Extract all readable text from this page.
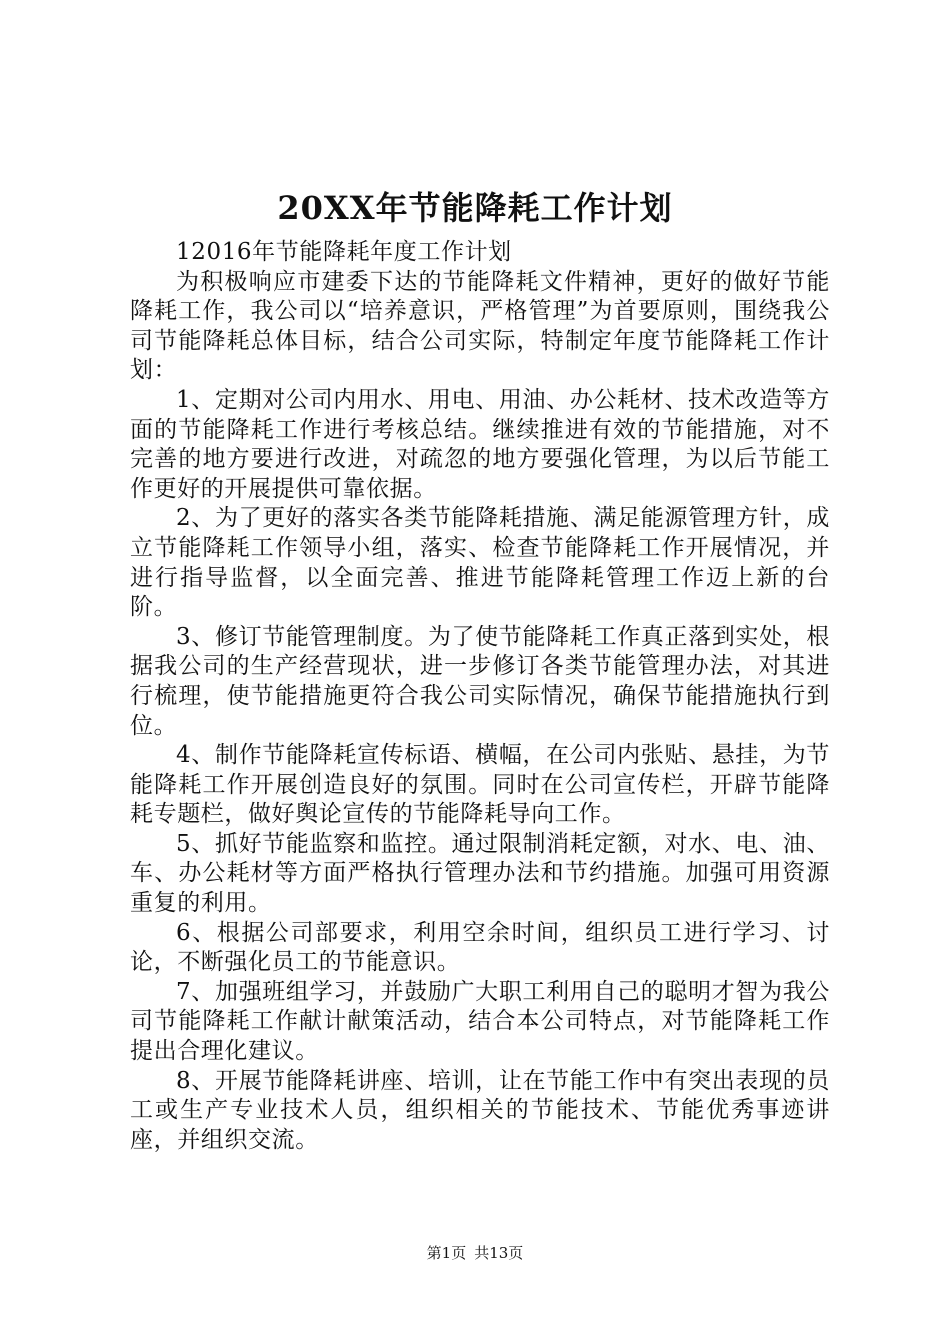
20XX年节能降耗工作计划

12016年节能降耗年度工作计划

为积极响应市建委下达的节能降耗文件精神，更好的做好节能降耗工作，我公司以“培养意识，严格管理”为首要原则，围绕我公司节能降耗总体目标，结合公司实际，特制定年度节能降耗工作计划：

1、定期对公司内用水、用电、用油、办公耗材、技术改造等方面的节能降耗工作进行考核总结。继续推进有效的节能措施，对不完善的地方要进行改进，对疏忽的地方要强化管理，为以后节能工作更好的开展提供可靠依据。

2、为了更好的落实各类节能降耗措施、满足能源管理方针，成立节能降耗工作领导小组，落实、检查节能降耗工作开展情况，并进行指导监督，以全面完善、推进节能降耗管理工作迈上新的台阶。

3、修订节能管理制度。为了使节能降耗工作真正落到实处，根据我公司的生产经营现状，进一步修订各类节能管理办法，对其进行梳理，使节能措施更符合我公司实际情况，确保节能措施执行到位。

4、制作节能降耗宣传标语、横幅，在公司内张贴、悬挂，为节能降耗工作开展创造良好的氛围。同时在公司宣传栏，开辟节能降耗专题栏，做好舆论宣传的节能降耗导向工作。

5、抓好节能监察和监控。通过限制消耗定额，对水、电、油、车、办公耗材等方面严格执行管理办法和节约措施。加强可用资源重复的利用。

6、根据公司部要求，利用空余时间，组织员工进行学习、讨论，不断强化员工的节能意识。

7、加强班组学习，并鼓励广大职工利用自己的聪明才智为我公司节能降耗工作献计献策活动，结合本公司特点，对节能降耗工作提出合理化建议。

8、开展节能降耗讲座、培训，让在节能工作中有突出表现的员工或生产专业技术人员，组织相关的节能技术、节能优秀事迹讲座，并组织交流。

第1页 共13页
